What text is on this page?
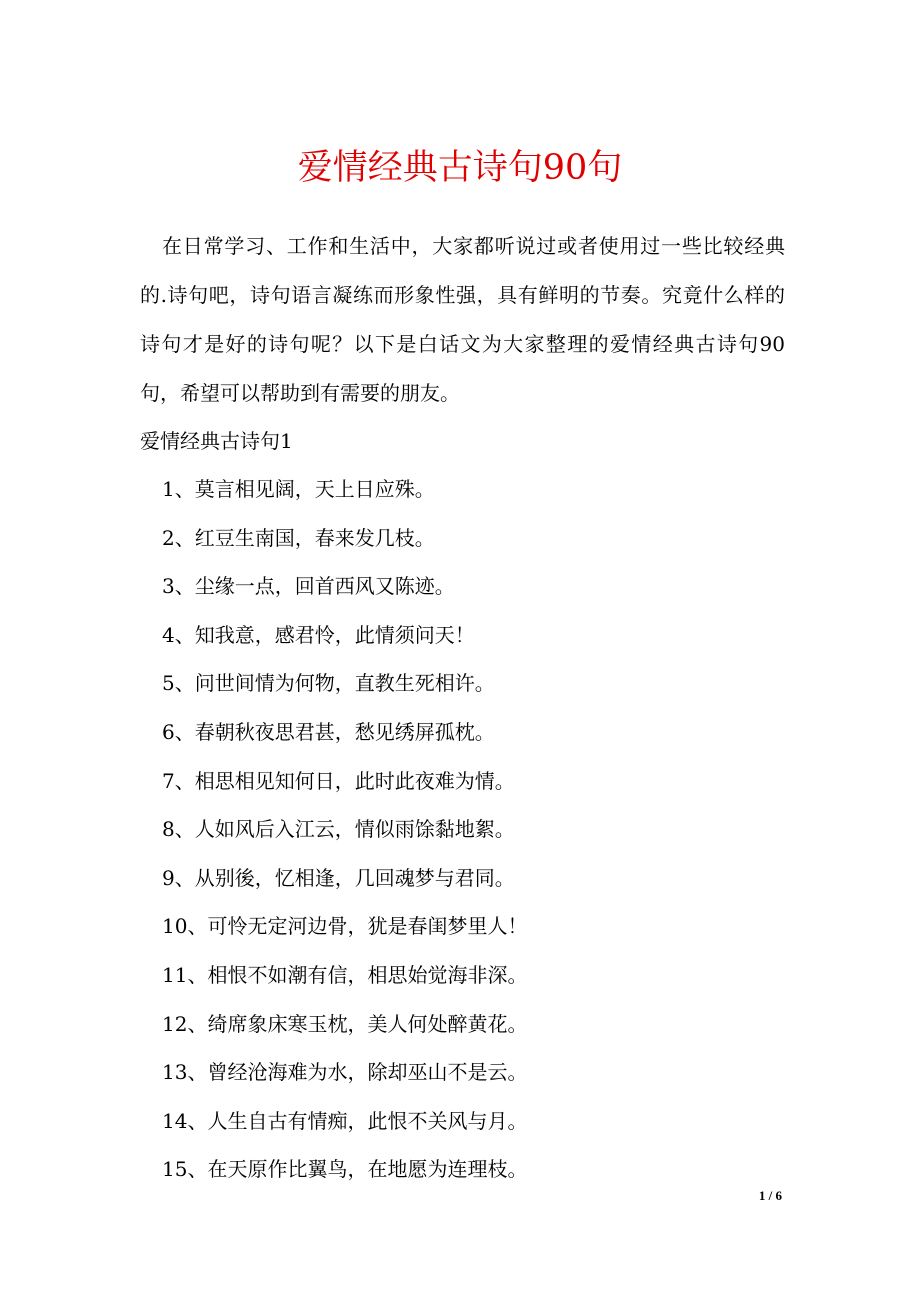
爱情经典古诗句90句

在日常学习、工作和生活中，大家都听说过或者使用过一些比较经典的.诗句吧，诗句语言凝练而形象性强，具有鲜明的节奏。究竟什么样的诗句才是好的诗句呢？以下是白话文为大家整理的爱情经典古诗句90句，希望可以帮助到有需要的朋友。

爱情经典古诗句1

1、莫言相见阔，天上日应殊。
2、红豆生南国，春来发几枝。
3、尘缘一点，回首西风又陈迹。
4、知我意，感君怜，此情须问天！
5、问世间情为何物，直教生死相许。
6、春朝秋夜思君甚，愁见绣屏孤枕。
7、相思相见知何日，此时此夜难为情。
8、人如风后入江云，情似雨馀黏地絮。
9、从别後，忆相逢，几回魂梦与君同。
10、可怜无定河边骨，犹是春闺梦里人！
11、相恨不如潮有信，相思始觉海非深。
12、绮席象床寒玉枕，美人何处醉黄花。
13、曾经沧海难为水，除却巫山不是云。
14、人生自古有情痴，此恨不关风与月。
15、在天原作比翼鸟，在地愿为连理枝。
1 / 6
